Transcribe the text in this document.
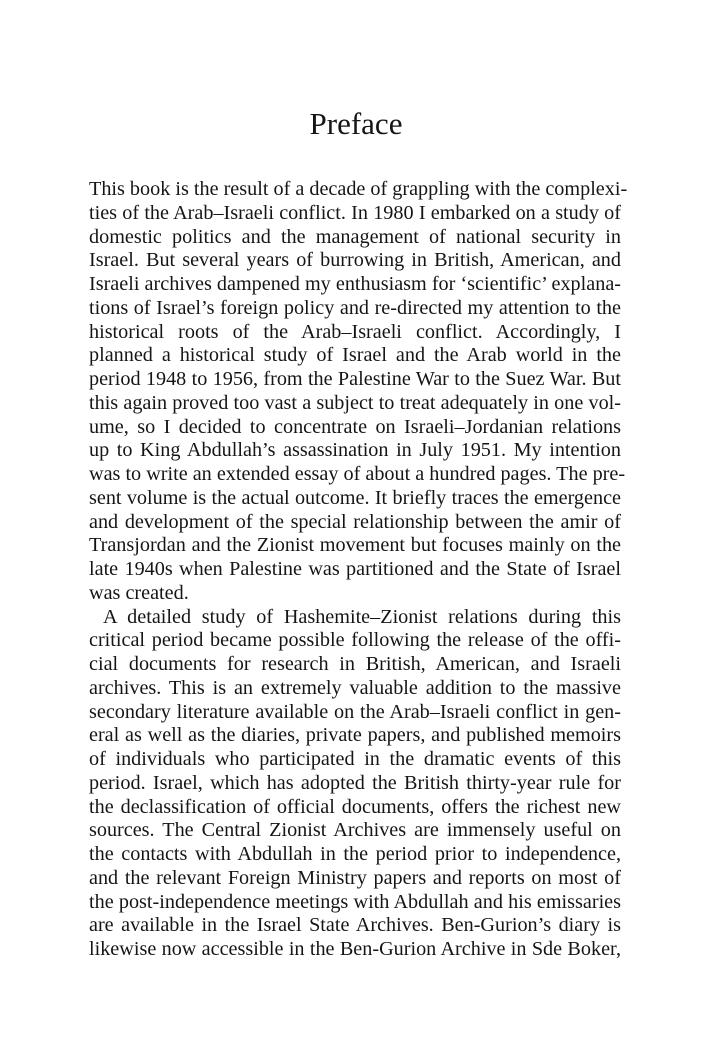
Preface
This book is the result of a decade of grappling with the complexi-
ties of the Arab–Israeli conflict. In 1980 I embarked on a study of
domestic politics and the management of national security in
Israel. But several years of burrowing in British, American, and
Israeli archives dampened my enthusiasm for ‘scientific’ explana-
tions of Israel’s foreign policy and re-directed my attention to the
historical roots of the Arab–Israeli conflict. Accordingly, I
planned a historical study of Israel and the Arab world in the
period 1948 to 1956, from the Palestine War to the Suez War. But
this again proved too vast a subject to treat adequately in one vol-
ume, so I decided to concentrate on Israeli–Jordanian relations
up to King Abdullah’s assassination in July 1951. My intention
was to write an extended essay of about a hundred pages. The pre-
sent volume is the actual outcome. It briefly traces the emergence
and development of the special relationship between the amir of
Transjordan and the Zionist movement but focuses mainly on the
late 1940s when Palestine was partitioned and the State of Israel
was created.
A detailed study of Hashemite–Zionist relations during this
critical period became possible following the release of the offi-
cial documents for research in British, American, and Israeli
archives. This is an extremely valuable addition to the massive
secondary literature available on the Arab–Israeli conflict in gen-
eral as well as the diaries, private papers, and published memoirs
of individuals who participated in the dramatic events of this
period. Israel, which has adopted the British thirty-year rule for
the declassification of official documents, offers the richest new
sources. The Central Zionist Archives are immensely useful on
the contacts with Abdullah in the period prior to independence,
and the relevant Foreign Ministry papers and reports on most of
the post-independence meetings with Abdullah and his emissaries
are available in the Israel State Archives. Ben-Gurion’s diary is
likewise now accessible in the Ben-Gurion Archive in Sde Boker,
